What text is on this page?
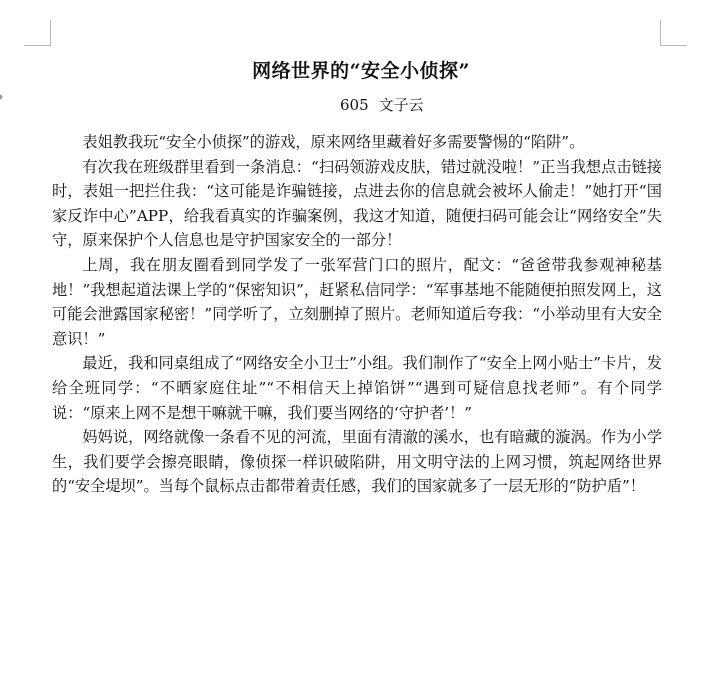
网络世界的“安全小侦探”
605 文子云

表姐教我玩“安全小侦探”的游戏，原来网络里藏着好多需要警惕的“陷阱”。

有次我在班级群里看到一条消息：“扫码领游戏皮肤，错过就没啦！”正当我想点击链接时，表姐一把拦住我：“这可能是诈骗链接，点进去你的信息就会被坏人偷走！”她打开“国家反诈中心”APP，给我看真实的诈骗案例，我这才知道，随便扫码可能会让“网络安全”失守，原来保护个人信息也是守护国家安全的一部分！

上周，我在朋友圈看到同学发了一张军营门口的照片，配文：“爸爸带我参观神秘基地！”我想起道法课上学的“保密知识”，赶紧私信同学：“军事基地不能随便拍照发网上，这可能会泄露国家秘密！”同学听了，立刻删掉了照片。老师知道后夸我：“小举动里有大安全意识！”

最近，我和同桌组成了“网络安全小卫士”小组。我们制作了“安全上网小贴士”卡片，发给全班同学：“不晒家庭住址”“不相信天上掉馅饼”“遇到可疑信息找老师”。有个同学说：“原来上网不是想干嘛就干嘛，我们要当网络的‘守护者’！”

妈妈说，网络就像一条看不见的河流，里面有清澈的溪水，也有暗藏的漩涡。作为小学生，我们要学会擦亮眼睛，像侦探一样识破陷阱，用文明守法的上网习惯，筑起网络世界的“安全堤坝”。当每个鼠标点击都带着责任感，我们的国家就多了一层无形的“防护盾”！
